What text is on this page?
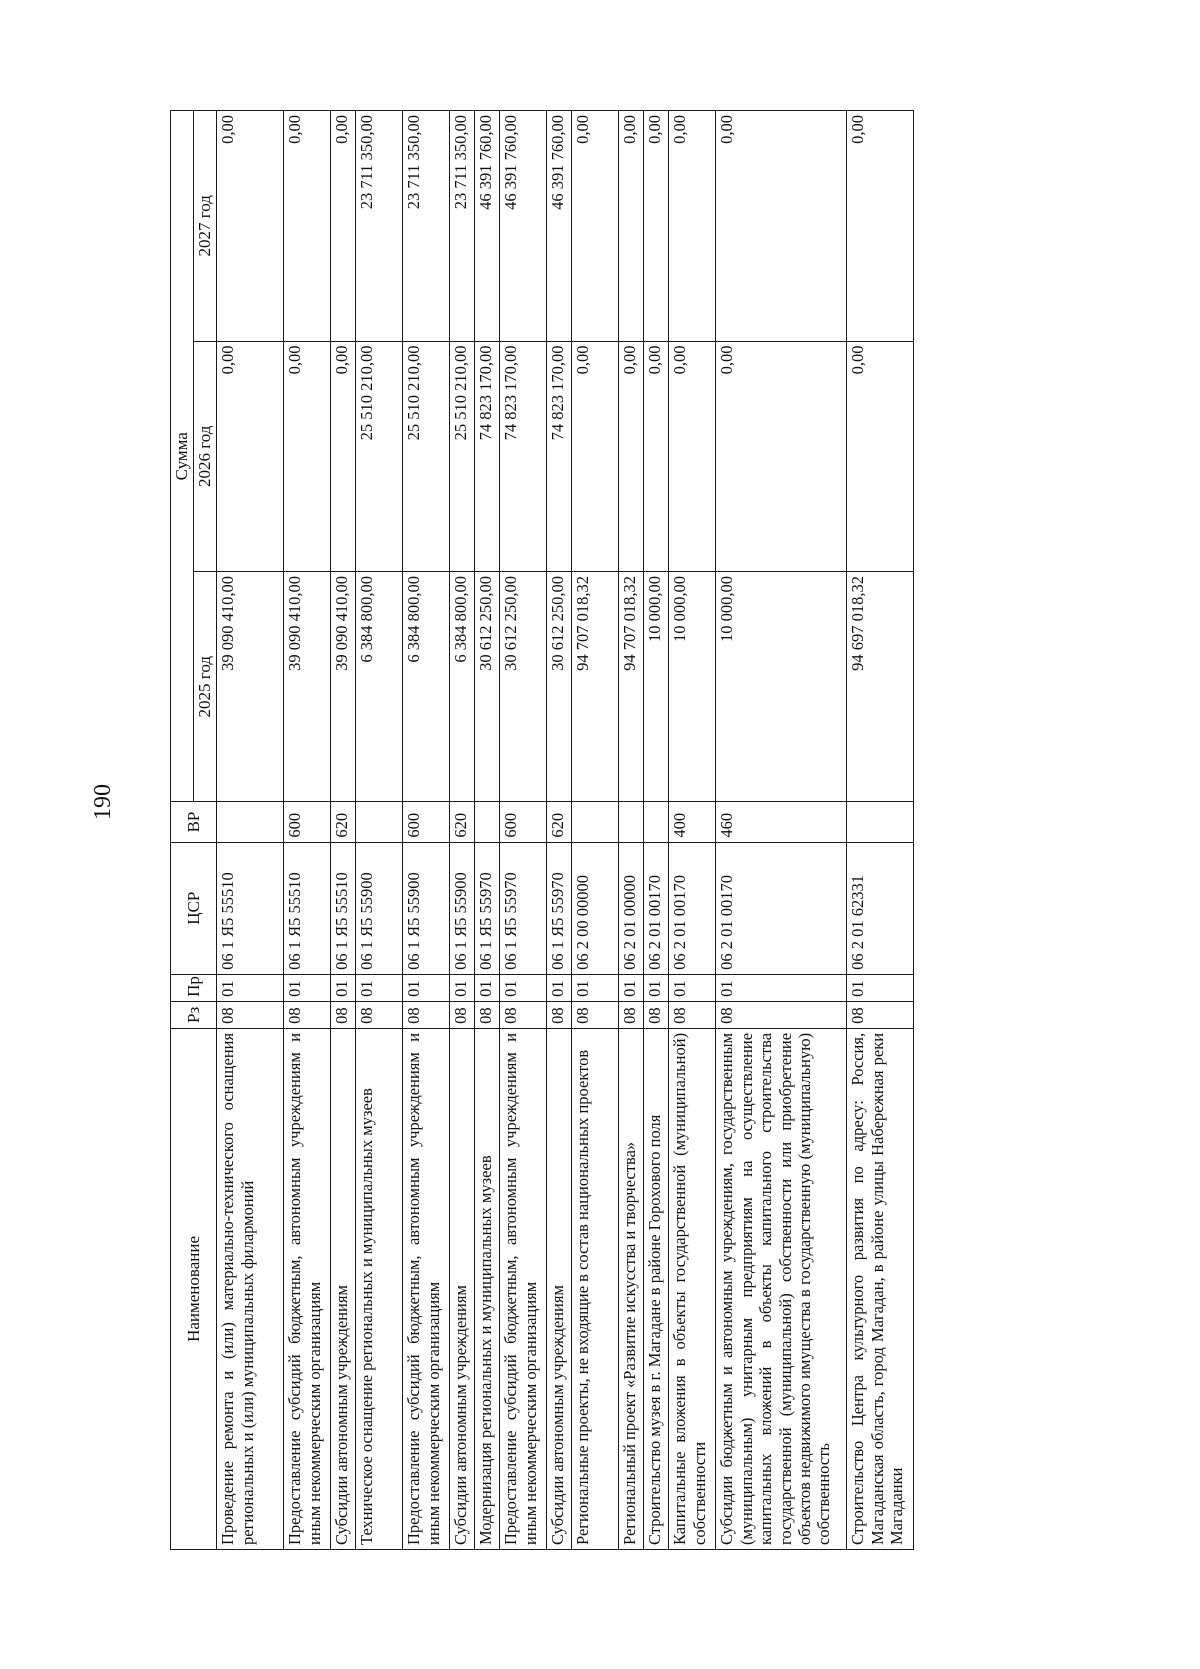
190
Наименование	Рз	Пр	ЦСР	ВР	Сумма		
					2025 год	2026 год	2027 год
Проведение ремонта и (или) материально-технического оснащения региональных и (или) муниципальных филармоний	08	01	06 1 Я5 55510		39 090 410,00	0,00	0,00
Предоставление субсидий бюджетным, автономным учреждениям и иным некоммерческим организациям	08	01	06 1 Я5 55510	600	39 090 410,00	0,00	0,00
Субсидии автономным учреждениям	08	01	06 1 Я5 55510	620	39 090 410,00	0,00	0,00
Техническое оснащение региональных и муниципальных музеев	08	01	06 1 Я5 55900		6 384 800,00	25 510 210,00	23 711 350,00
Предоставление субсидий бюджетным, автономным учреждениям и иным некоммерческим организациям	08	01	06 1 Я5 55900	600	6 384 800,00	25 510 210,00	23 711 350,00
Субсидии автономным учреждениям	08	01	06 1 Я5 55900	620	6 384 800,00	25 510 210,00	23 711 350,00
Модернизация региональных и муниципальных музеев	08	01	06 1 Я5 55970		30 612 250,00	74 823 170,00	46 391 760,00
Предоставление субсидий бюджетным, автономным учреждениям и иным некоммерческим организациям	08	01	06 1 Я5 55970	600	30 612 250,00	74 823 170,00	46 391 760,00
Субсидии автономным учреждениям	08	01	06 1 Я5 55970	620	30 612 250,00	74 823 170,00	46 391 760,00
Региональные проекты, не входящие в состав национальных проектов	08	01	06 2 00 00000		94 707 018,32	0,00	0,00
Региональный проект «Развитие искусства и творчества»	08	01	06 2 01 00000		94 707 018,32	0,00	0,00
Строительство музея в г. Магадане в районе Горохового поля	08	01	06 2 01 00170		10 000,00	0,00	0,00
Капитальные вложения в объекты государственной (муниципальной) собственности	08	01	06 2 01 00170	400	10 000,00	0,00	0,00
Субсидии бюджетным и автономным учреждениям, государственным (муниципальным) унитарным предприятиям на осуществление капитальных вложений в объекты капитального строительства государственной (муниципальной) собственности или приобретение объектов недвижимого имущества в государственную (муниципальную) собственность	08	01	06 2 01 00170	460	10 000,00	0,00	0,00
Строительство Центра культурного развития по адресу: Россия, Магаданская область, город Магадан, в районе улицы Набережная реки Магаданки	08	01	06 2 01 62331		94 697 018,32	0,00	0,00
